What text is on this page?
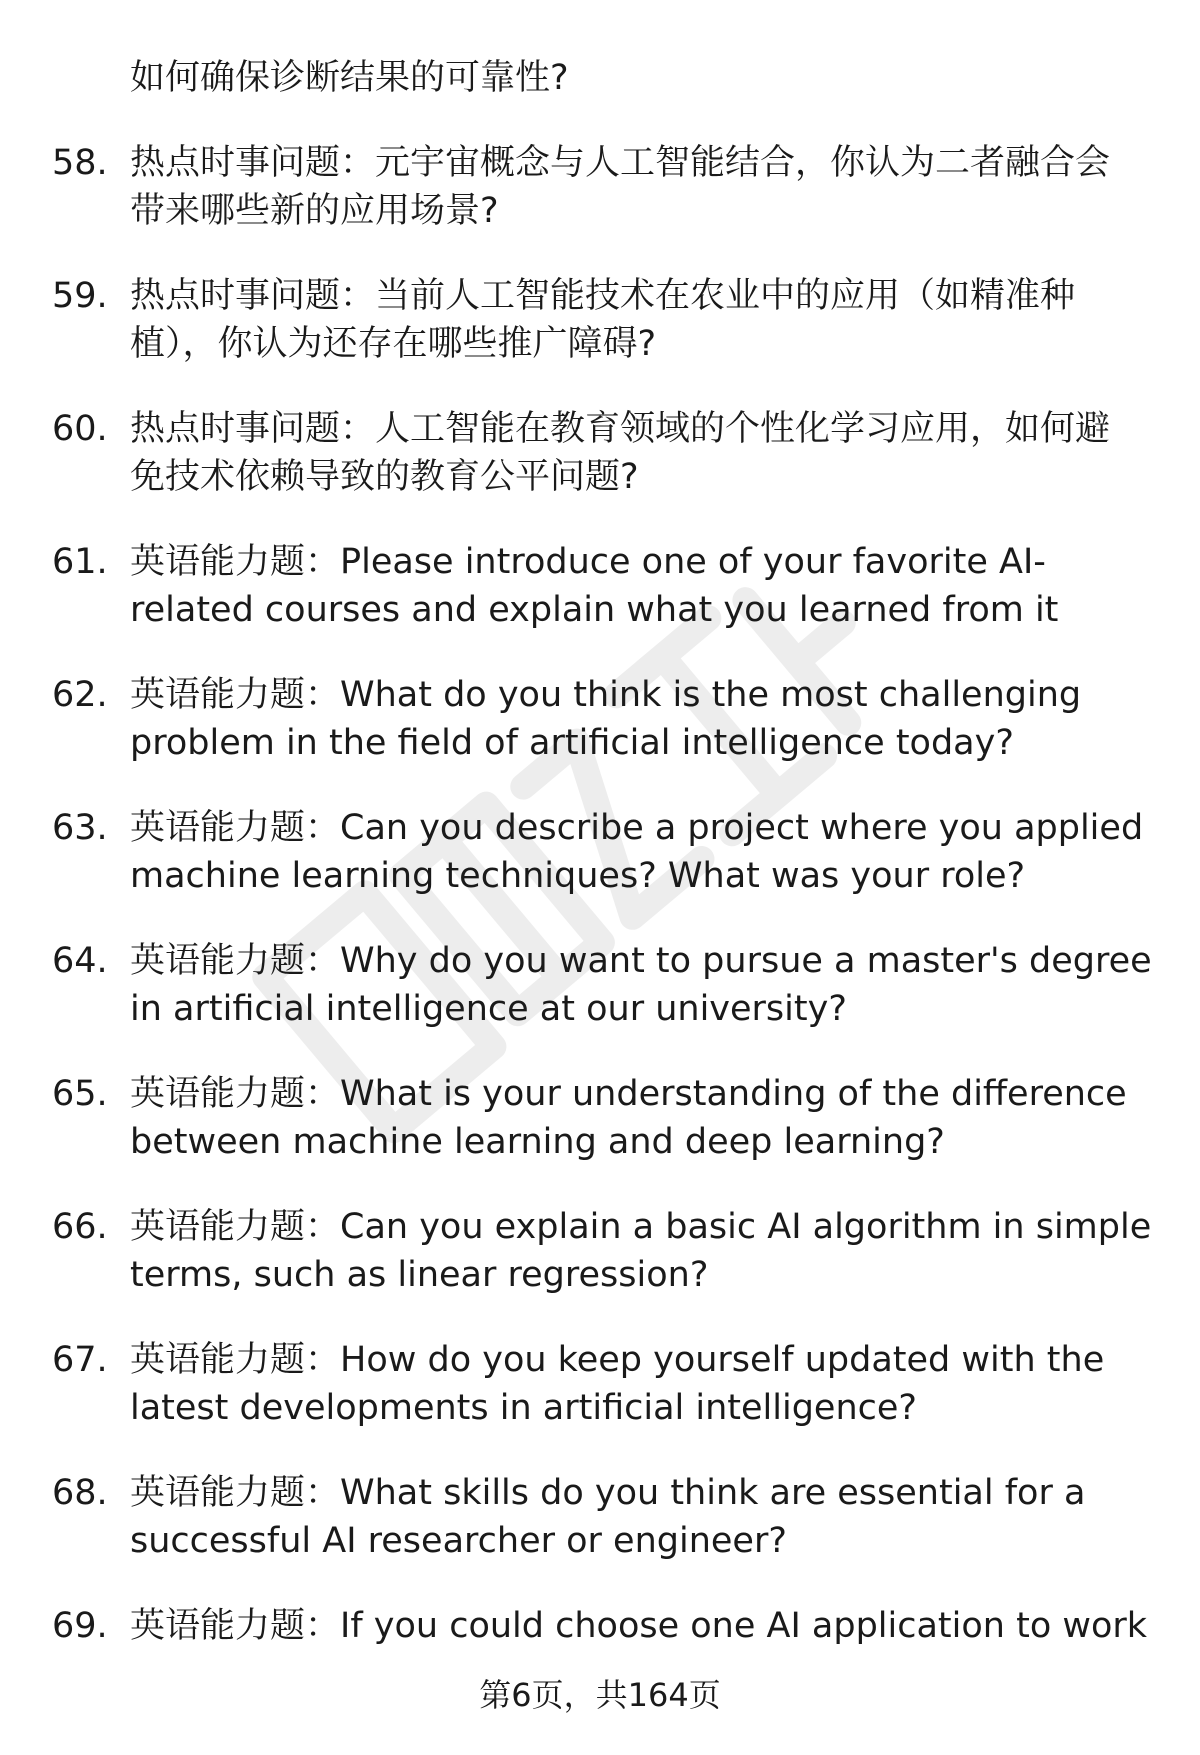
如何确保诊断结果的可靠性?
58. 热点时事问题：元宇宙概念与人工智能结合，你认为二者融合会
带来哪些新的应用场景?
59. 热点时事问题：当前人工智能技术在农业中的应用（如精准种
植），你认为还存在哪些推广障碍?
60. 热点时事问题：人工智能在教育领域的个性化学习应用，如何避
免技术依赖导致的教育公平问题?
61. 英语能力题：Please introduce one of your favorite AI-
related courses and explain what you learned from it
62. 英语能力题：What do you think is the most challenging
problem in the field of artificial intelligence today?
63. 英语能力题：Can you describe a project where you applied
machine learning techniques? What was your role?
64. 英语能力题：Why do you want to pursue a master's degree
in artificial intelligence at our university?
65. 英语能力题：What is your understanding of the difference
between machine learning and deep learning?
66. 英语能力题：Can you explain a basic AI algorithm in simple
terms, such as linear regression?
67. 英语能力题：How do you keep yourself updated with the
latest developments in artificial intelligence?
68. 英语能力题：What skills do you think are essential for a
successful AI researcher or engineer?
69. 英语能力题：If you could choose one AI application to work
第6页，共164页
